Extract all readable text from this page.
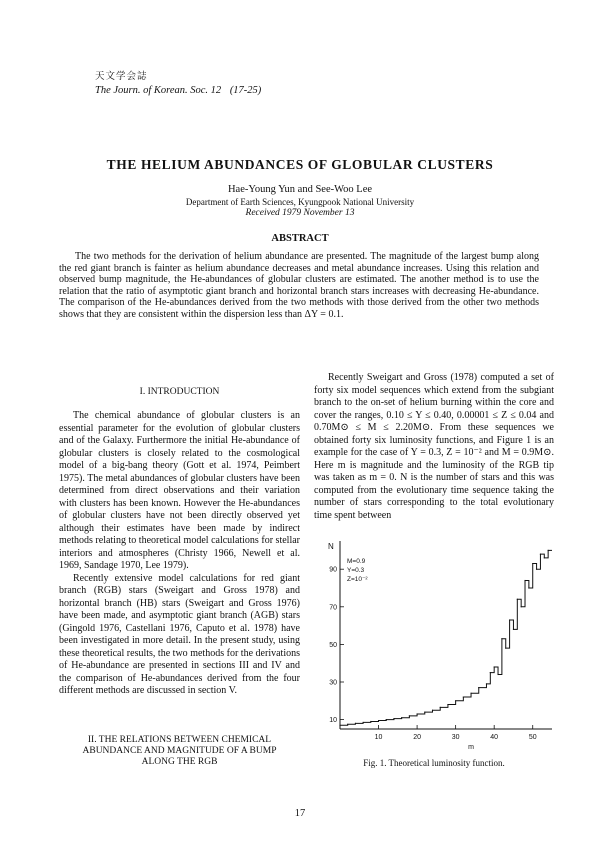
天文学会誌
The Journ. of Korean. Soc. 12 (17-25)
THE HELIUM ABUNDANCES OF GLOBULAR CLUSTERS
Hae-Young Yun and See-Woo Lee
Department of Earth Sciences, Kyungpook National University
Received 1979 November 13
ABSTRACT
The two methods for the derivation of helium abundance are presented. The magnitude of the largest bump along the red giant branch is fainter as helium abundance decreases and metal abundance increases. Using this relation and observed bump magnitude, the He-abundances of globular clusters are estimated. The another method is to use the relation that the ratio of asymptotic giant branch and horizontal branch stars increases with decreasing He-abundance. The comparison of the He-abundances derived from the two methods with those derived from the other two methods shows that they are consistent within the dispersion less than ΔY = 0.1.
I. INTRODUCTION

The chemical abundance of globular clusters is an essential parameter for the evolution of globular clusters and of the Galaxy. Furthermore the initial He-abundance of globular clusters is closely related to the cosmological model of a big-bang theory (Gott et al. 1974, Peimbert 1975). The metal abundances of globular clusters have been determined from direct observations and their variation with clusters has been known. However the He-abundances of globular clusters have not been directly observed yet although their estimates have been made by indirect methods relating to theoretical model calculations for stellar interiors and atmospheres (Christy 1966, Newell et al. 1969, Sandage 1970, Lee 1979).

Recently extensive model calculations for red giant branch (RGB) stars (Sweigart and Gross 1978) and horizontal branch (HB) stars (Sweigart and Gross 1976) have been made, and asymptotic giant branch (AGB) stars (Gingold 1976, Castellani 1976, Caputo et al. 1978) have been investigated in more detail. In the present study, using these theoretical results, the two methods for the derivations of He-abundance are presented in sections III and IV and the comparison of He-abundances derived from the four different methods are discussed in section V.

II. THE RELATIONS BETWEEN CHEMICAL
ABUNDANCE AND MAGNITUDE OF A BUMP
ALONG THE RGB

Recently Sweigart and Gross (1978) computed a set of forty six model sequences which extend from the subgiant branch to the on-set of helium burning within the core and cover the ranges, 0.10 ≤ Y ≤ 0.40, 0.00001 ≤ Z ≤ 0.04 and 0.70M⊙ ≤ M ≤ 2.20M⊙. From these sequences we obtained forty six luminosity functions, and Figure 1 is an example for the case of Y = 0.3, Z = 10⁻² and M = 0.9M⊙. Here m is magnitude and the luminosity of the RGB tip was taken as m = 0. N is the number of stars and this was computed from the evolutionary time sequence taking the number of stars corresponding to the total evolutionary time spent between

10	20	30	40	50
10
30
50
70
90
N
m
M=0.9
Y=0.3
Z=10⁻²
Fig. 1. Theoretical luminosity function.
17
